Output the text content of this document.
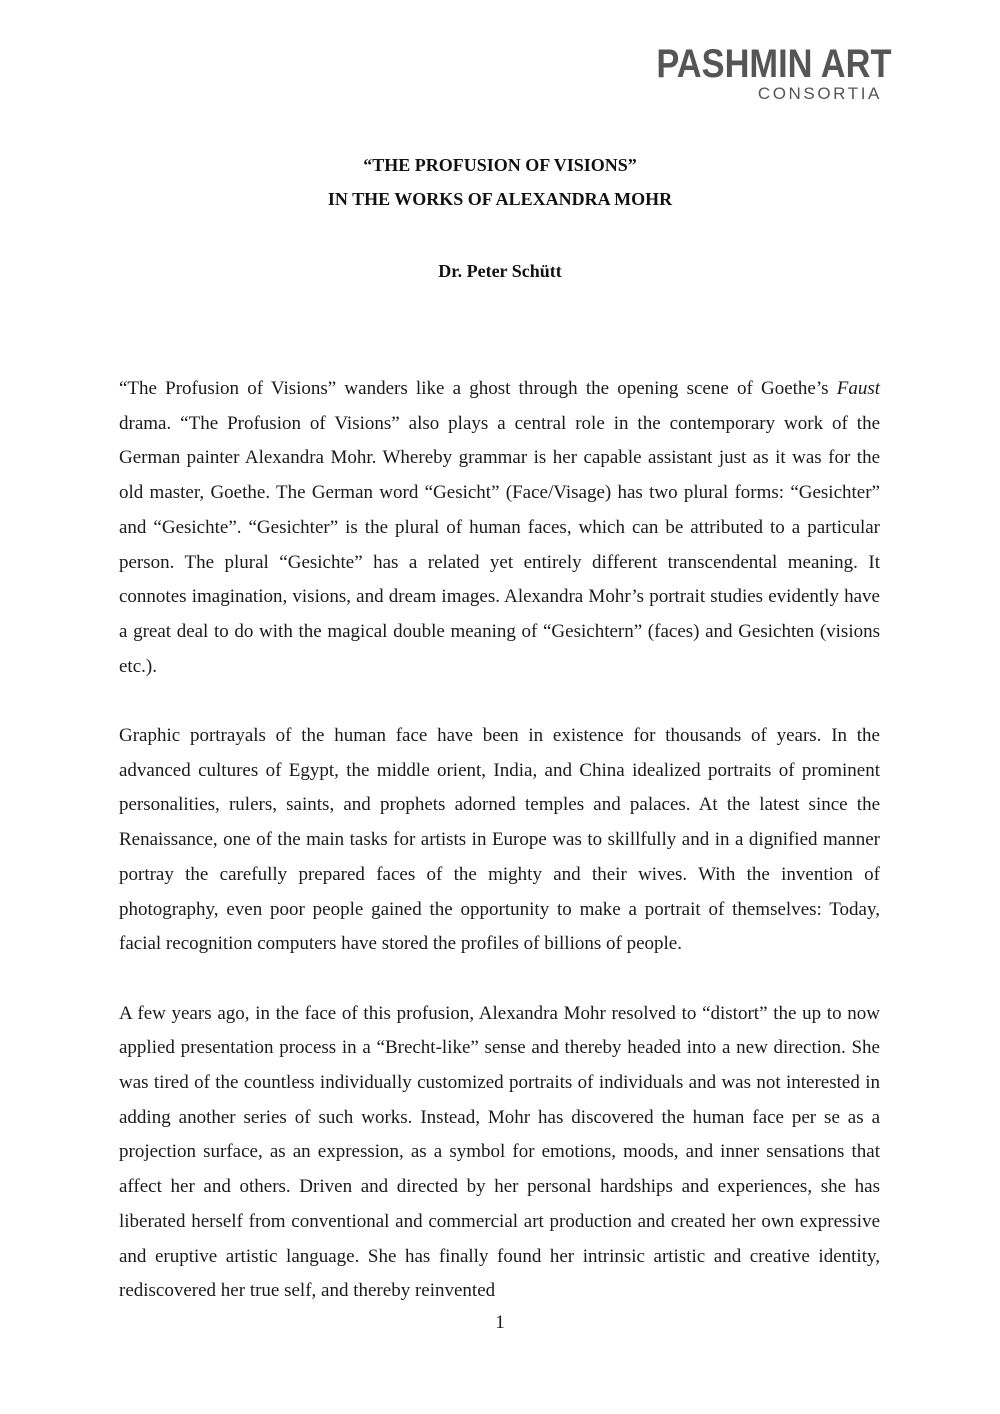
PASHMIN ART
CONSORTIA
“THE PROFUSION OF VISIONS”
IN THE WORKS OF ALEXANDRA MOHR
Dr. Peter Schütt

“The Profusion of Visions” wanders like a ghost through the opening scene of Goethe’s Faust drama. “The Profusion of Visions” also plays a central role in the contemporary work of the German painter Alexandra Mohr. Whereby grammar is her capable assistant just as it was for the old master, Goethe. The German word “Gesicht” (Face/Visage) has two plural forms: “Gesichter” and “Gesichte”. “Gesichter” is the plural of human faces, which can be attributed to a particular person. The plural “Gesichte” has a related yet entirely different transcendental meaning. It connotes imagination, visions, and dream images. Alexandra Mohr’s portrait studies evidently have a great deal to do with the magical double meaning of “Gesichtern” (faces) and Gesichten (visions etc.).

Graphic portrayals of the human face have been in existence for thousands of years. In the advanced cultures of Egypt, the middle orient, India, and China idealized portraits of prominent personalities, rulers, saints, and prophets adorned temples and palaces. At the latest since the Renaissance, one of the main tasks for artists in Europe was to skillfully and in a dignified manner portray the carefully prepared faces of the mighty and their wives. With the invention of photography, even poor people gained the opportunity to make a portrait of themselves: Today, facial recognition computers have stored the profiles of billions of people.

A few years ago, in the face of this profusion, Alexandra Mohr resolved to “distort” the up to now applied presentation process in a “Brecht-like” sense and thereby headed into a new direction. She was tired of the countless individually customized portraits of individuals and was not interested in adding another series of such works. Instead, Mohr has discovered the human face per se as a projection surface, as an expression, as a symbol for emotions, moods, and inner sensations that affect her and others. Driven and directed by her personal hardships and experiences, she has liberated herself from conventional and commercial art production and created her own expressive and eruptive artistic language. She has finally found her intrinsic artistic and creative identity, rediscovered her true self, and thereby reinvented

1
